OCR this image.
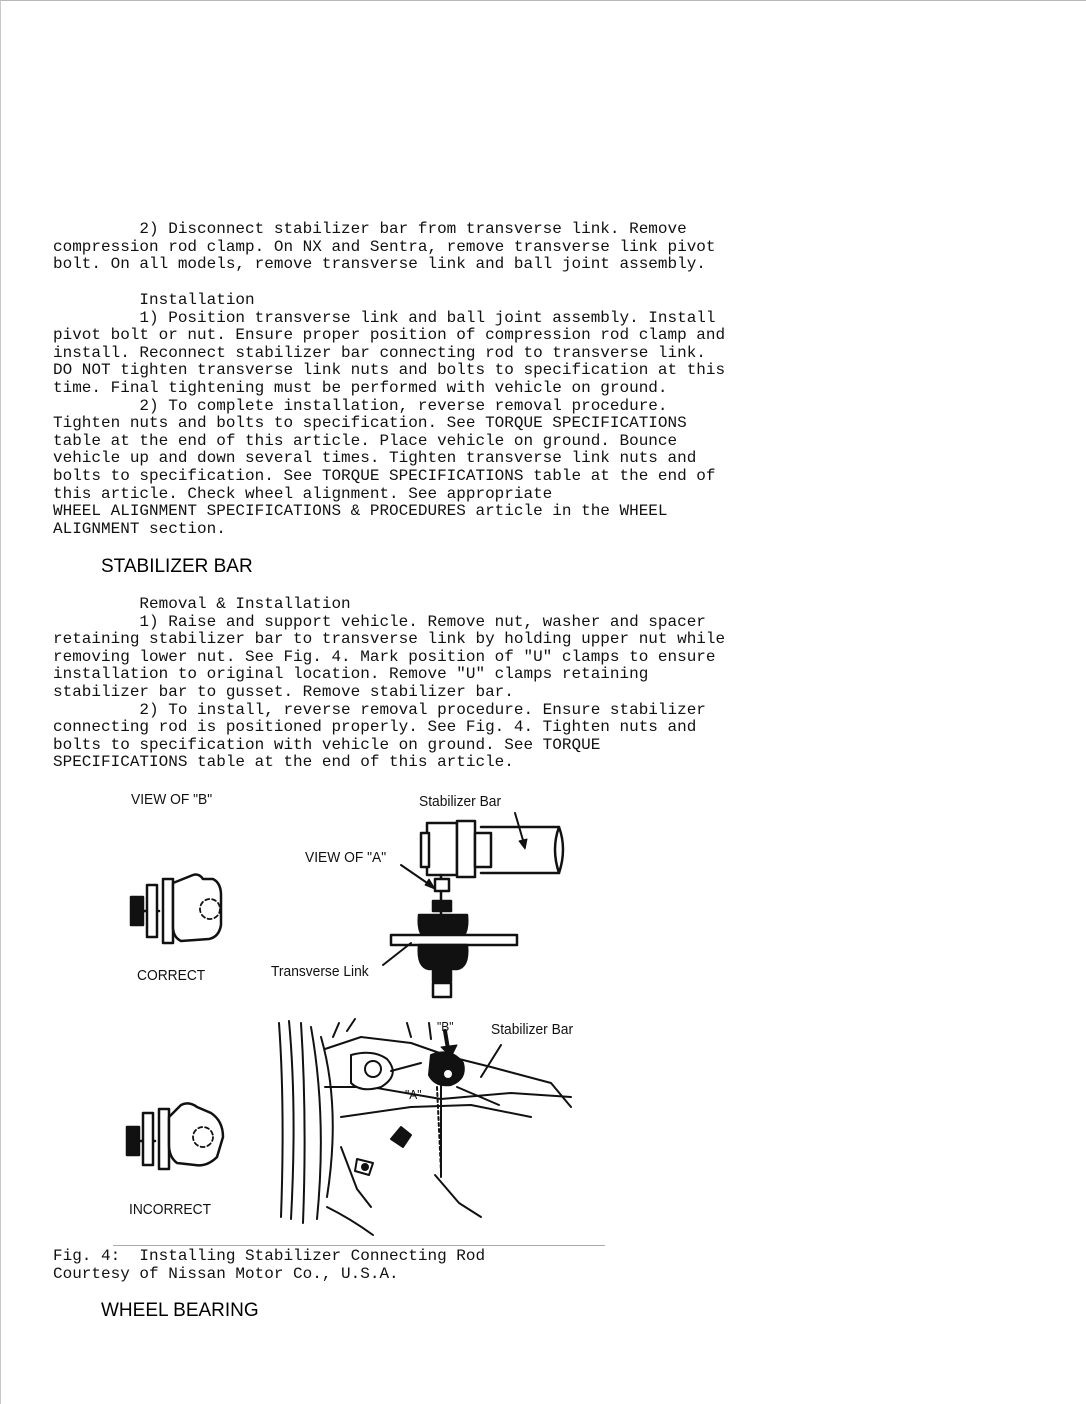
2) Disconnect stabilizer bar from transverse link. Remove
compression rod clamp. On NX and Sentra, remove transverse link pivot
bolt. On all models, remove transverse link and ball joint assembly.
Installation
1) Position transverse link and ball joint assembly. Install
pivot bolt or nut. Ensure proper position of compression rod clamp and
install. Reconnect stabilizer bar connecting rod to transverse link.
DO NOT tighten transverse link nuts and bolts to specification at this
time. Final tightening must be performed with vehicle on ground.
2) To complete installation, reverse removal procedure.
Tighten nuts and bolts to specification. See TORQUE SPECIFICATIONS
table at the end of this article. Place vehicle on ground. Bounce
vehicle up and down several times. Tighten transverse link nuts and
bolts to specification. See TORQUE SPECIFICATIONS table at the end of
this article. Check wheel alignment. See appropriate
WHEEL ALIGNMENT SPECIFICATIONS & PROCEDURES article in the WHEEL
ALIGNMENT section.
STABILIZER BAR
Removal & Installation
1) Raise and support vehicle. Remove nut, washer and spacer
retaining stabilizer bar to transverse link by holding upper nut while
removing lower nut. See Fig. 4. Mark position of "U" clamps to ensure
installation to original location. Remove "U" clamps retaining
stabilizer bar to gusset. Remove stabilizer bar.
2) To install, reverse removal procedure. Ensure stabilizer
connecting rod is positioned properly. See Fig. 4. Tighten nuts and
bolts to specification with vehicle on ground. See TORQUE
SPECIFICATIONS table at the end of this article.

VIEW OF "B"	Stabilizer Bar

VIEW OF "A"

CORRECT	Transverse Link

"B"	Stabilizer Bar

"A"

INCORRECT

Fig. 4:  Installing Stabilizer Connecting Rod
Courtesy of Nissan Motor Co., U.S.A.
WHEEL BEARING
